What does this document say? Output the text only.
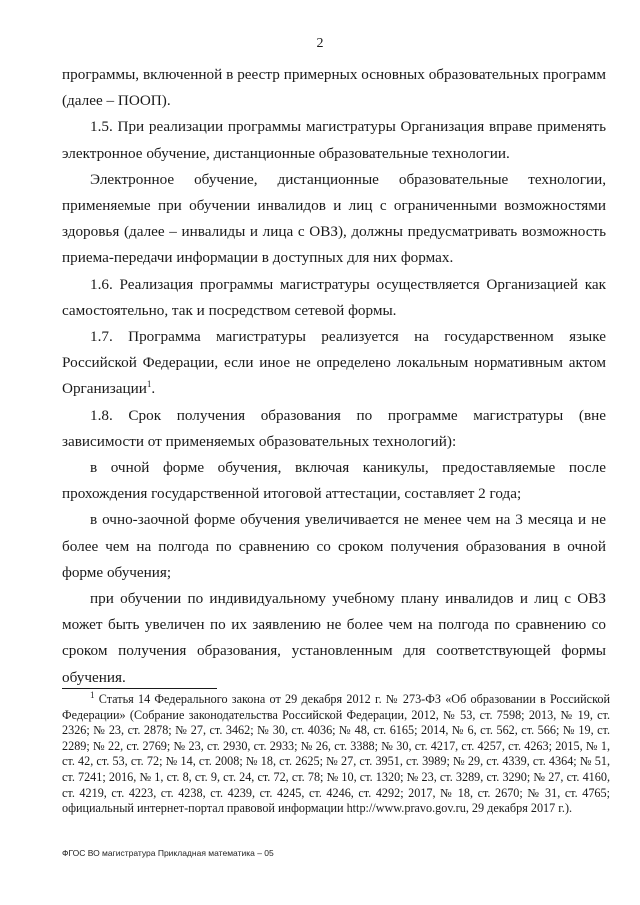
2

программы, включенной в реестр примерных основных образовательных программ (далее – ПООП).

1.5. При реализации программы магистратуры Организация вправе применять электронное обучение, дистанционные образовательные технологии.

Электронное обучение, дистанционные образовательные технологии, применяемые при обучении инвалидов и лиц с ограниченными возможностями здоровья (далее – инвалиды и лица с ОВЗ), должны предусматривать возможность приема-передачи информации в доступных для них формах.

1.6. Реализация программы магистратуры осуществляется Организацией как самостоятельно, так и посредством сетевой формы.

1.7. Программа магистратуры реализуется на государственном языке Российской Федерации, если иное не определено локальным нормативным актом Организации$^1$.

1.8. Срок получения образования по программе магистратуры (вне зависимости от применяемых образовательных технологий):

в очной форме обучения, включая каникулы, предоставляемые после прохождения государственной итоговой аттестации, составляет 2 года;

в очно-заочной форме обучения увеличивается не менее чем на 3 месяца и не более чем на полгода по сравнению со сроком получения образования в очной форме обучения;

при обучении по индивидуальному учебному плану инвалидов и лиц с ОВЗ может быть увеличен по их заявлению не более чем на полгода по сравнению со сроком получения образования, установленным для соответствующей формы обучения.

$^1$ Статья 14 Федерального закона от 29 декабря 2012 г. № 273-ФЗ «Об образовании в Российской Федерации» (Собрание законодательства Российской Федерации, 2012, № 53, ст. 7598; 2013, № 19, ст. 2326; № 23, ст. 2878; № 27, ст. 3462; № 30, ст. 4036; № 48, ст. 6165; 2014, № 6, ст. 562, ст. 566; № 19, ст. 2289; № 22, ст. 2769; № 23, ст. 2930, ст. 2933; № 26, ст. 3388; № 30, ст. 4217, ст. 4257, ст. 4263; 2015, № 1, ст. 42, ст. 53, ст. 72; № 14, ст. 2008; № 18, ст. 2625; № 27, ст. 3951, ст. 3989; № 29, ст. 4339, ст. 4364; № 51, ст. 7241; 2016, № 1, ст. 8, ст. 9, ст. 24, ст. 72, ст. 78; № 10, ст. 1320; № 23, ст. 3289, ст. 3290; № 27, ст. 4160, ст. 4219, ст. 4223, ст. 4238, ст. 4239, ст. 4245, ст. 4246, ст. 4292; 2017, № 18, ст. 2670; № 31, ст. 4765; официальный интернет-портал правовой информации http://www.pravo.gov.ru, 29 декабря 2017 г.).
ФГОС ВО магистратура Прикладная математика – 05
